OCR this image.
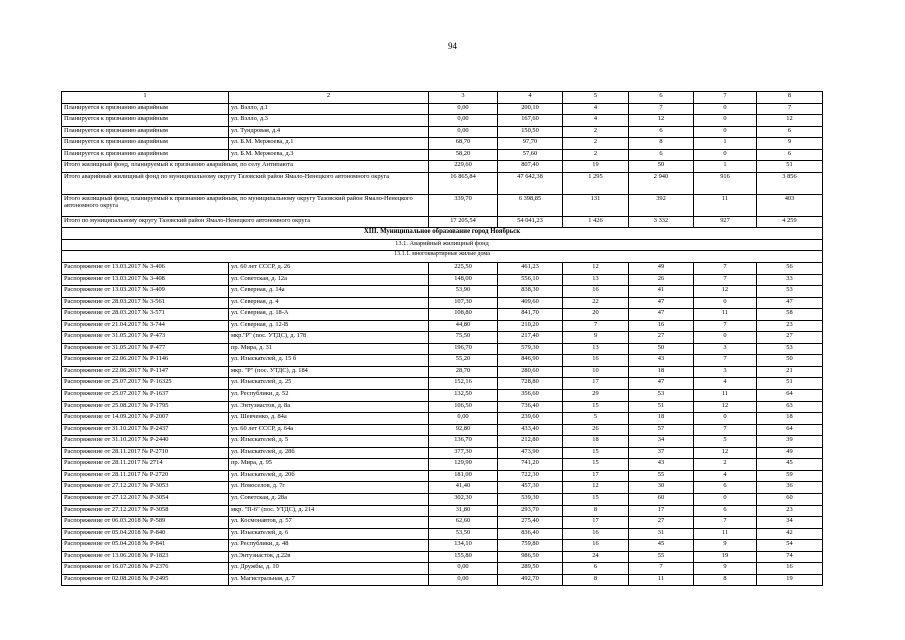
94
1	2	3	4	5	6	7	8
Планируется к признанию аварийным	ул. Вэлло, д.1	0,00	200,10	4	7	0	7
Планируется к признанию аварийным	ул. Вэлло, д.3	0,00	167,60	4	12	0	12
Планируется к признанию аварийным	ул. Тундровая, д.4	0,00	150,50	2	6	0	6
Планируется к признанию аварийным	ул. Б.М. Мержоева, д.1	68,70	97,70	2	8	1	9
Планируется к признанию аварийным	ул. Б.М. Мержоева, д.3	58,20	57,60	2	6	0	6
Итого жилищный фонд, планируемый к признанию аварийным, по селу Антипаюта		229,60	807,40	19	50	1	51
Итого аварийный жилищный фонд по муниципальному округу Тазовский район Ямало-Ненецкого автономного округа		16 865,84	47 642,38	1 295	2 940	916	3 856
Итого жилищный фонд, планируемый к признанию аварийным, по муниципальному округу Тазовский район Ямало-Ненецкого автономного округа		339,70	6 398,85	131	392	11	403
Итого по муниципальному округу Тазовский район Ямало-Ненецкого автономного округа		17 205,54	54 041,23	1 426	3 332	927	4 259
XIII. Муниципальное образование город Ноябрьск							
13.1. Аварийный жилищный фонд							
13.1.1. многоквартирные жилые дома							
Распоряжение от 13.03.2017 № 3-406	ул. 60 лет СССР, д. 26	225,50	461,23	12	49	7	56
Распоряжение от 13.03.2017 № 3-408	ул. Советская, д. 12а	148,00	556,10	13	26	7	33
Распоряжение от 13.03.2017 № 3-409	ул. Северная, д. 14а	53,90	838,30	16	41	12	53
Распоряжение от 28.03.2017 № 3-561	ул. Северная, д. 4	107,30	409,60	22	47	0	47
Распоряжение от 28.03.2017 № 3-571	ул. Северная, д. 18-А	108,80	841,70	20	47	11	58
Распоряжение от 21.04.2017 № 3-744	ул. Северная, д. 12-В	44,80	210,20	7	16	7	23
Распоряжение от 31.05.2017 № Р-473	мкр."Р" (пос. УТДС), д. 178	75,50	217,40	9	27	0	27
Распоряжение от 31.05.2017 № Р-477	пр. Мира, д. 31	196,70	579,30	13	50	3	53
Распоряжение от 22.06.2017 № Р-1146	ул. Изыскателей, д. 15 б	55,20	846,90	16	43	7	50
Распоряжение от 22.06.2017 № Р-1147	мкр. "Р" (пос. УТДС), д. 184	28,70	280,60	10	18	3	21
Распоряжение от 25.07.2017 № Р-16325	ул. Изыскателей, д. 25	152,16	728,80	17	47	4	51
Распоряжение от 25.07.2017 № Р-1637	ул. Республики, д. 52	132,50	356,60	29	53	11	64
Распоряжение от 25.08.2017 № Р-1795	ул. Энтузиастов, д. 8а	106,50	736,40	15	51	12	63
Распоряжение от 14.09.2017 № Р-2007	ул. Шевченко, д. 84а	0,00	239,60	5	18	0	18
Распоряжение от 31.10.2017 № Р-2437	ул. 60 лет СССР, д. 64а	92,80	433,40	26	57	7	64
Распоряжение от 31.10.2017 № Р-2440	ул. Изыскателей, д. 5	136,70	212,80	18	34	5	39
Распоряжение от 28.11.2017 № Р-2710	ул. Изыскателей, д. 28б	377,30	473,90	15	37	12	49
Распоряжение от 28.11.2017 № 2714	пр. Мира, д. 95	129,90	741,20	15	43	2	45
Распоряжение от 28.11.2017 № Р-2720	ул. Изыскателей, д. 20б	181,00	722,30	17	55	4	59
Распоряжение от 27.12.2017 № Р-3053	ул. Новоселов, д. 7г	41,40	457,30	12	30	6	36
Распоряжение от 27.12.2017 № Р-3054	ул. Советская, д. 28а	302,30	539,30	15	60	0	60
Распоряжение от 27.12.2017 № Р-3058	мкр. "П-6" (пос. УТДС), д. 214	31,80	293,70	8	17	6	23
Распоряжение от 06.03.2018 № Р-589	ул. Космонавтов, д. 57	62,60	275,40	17	27	7	34
Распоряжение от 05.04.2018 № Р-840	ул. Изыскателей, д. 6	53,50	836,40	16	31	11	42
Распоряжение от 05.04.2018 № Р-841	ул. Республики, д. 48	134,10	759,80	16	45	9	54
Распоряжение от 13.06.2018 № Р-1823	ул.Энтузиастов, д.22в	155,80	986,50	24	55	19	74
Распоряжение от 16.07.2018 № Р-2376	ул. Дружбы, д. 10	0,00	289,50	6	7	9	16
Распоряжение от 02.08.2018 № Р-2495	ул. Магистральная, д. 7	0,00	492,70	8	11	8	19
